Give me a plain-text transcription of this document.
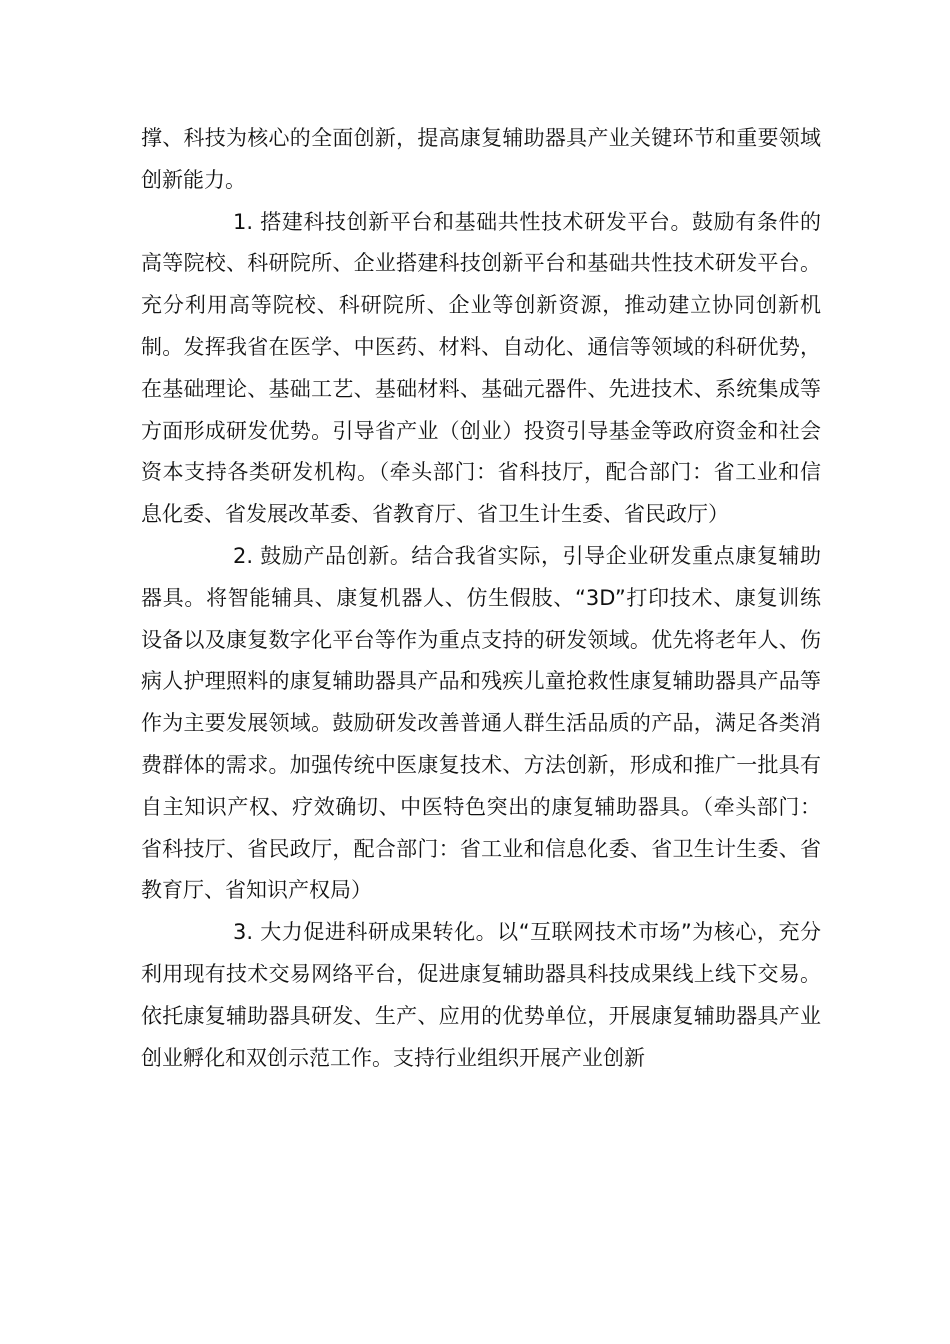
撑、科技为核心的全面创新，提高康复辅助器具产业关键环节和重要领域创新能力。

1. 搭建科技创新平台和基础共性技术研发平台。鼓励有条件的高等院校、科研院所、企业搭建科技创新平台和基础共性技术研发平台。充分利用高等院校、科研院所、企业等创新资源，推动建立协同创新机制。发挥我省在医学、中医药、材料、自动化、通信等领域的科研优势，在基础理论、基础工艺、基础材料、基础元器件、先进技术、系统集成等方面形成研发优势。引导省产业（创业）投资引导基金等政府资金和社会资本支持各类研发机构。（牵头部门：省科技厅，配合部门：省工业和信息化委、省发展改革委、省教育厅、省卫生计生委、省民政厅）

2. 鼓励产品创新。结合我省实际，引导企业研发重点康复辅助器具。将智能辅具、康复机器人、仿生假肢、“3D”打印技术、康复训练设备以及康复数字化平台等作为重点支持的研发领域。优先将老年人、伤病人护理照料的康复辅助器具产品和残疾儿童抢救性康复辅助器具产品等作为主要发展领域。鼓励研发改善普通人群生活品质的产品，满足各类消费群体的需求。加强传统中医康复技术、方法创新，形成和推广一批具有自主知识产权、疗效确切、中医特色突出的康复辅助器具。（牵头部门：省科技厅、省民政厅，配合部门：省工业和信息化委、省卫生计生委、省教育厅、省知识产权局）

3. 大力促进科研成果转化。以“互联网技术市场”为核心，充分利用现有技术交易网络平台，促进康复辅助器具科技成果线上线下交易。依托康复辅助器具研发、生产、应用的优势单位，开展康复辅助器具产业创业孵化和双创示范工作。支持行业组织开展产业创新
